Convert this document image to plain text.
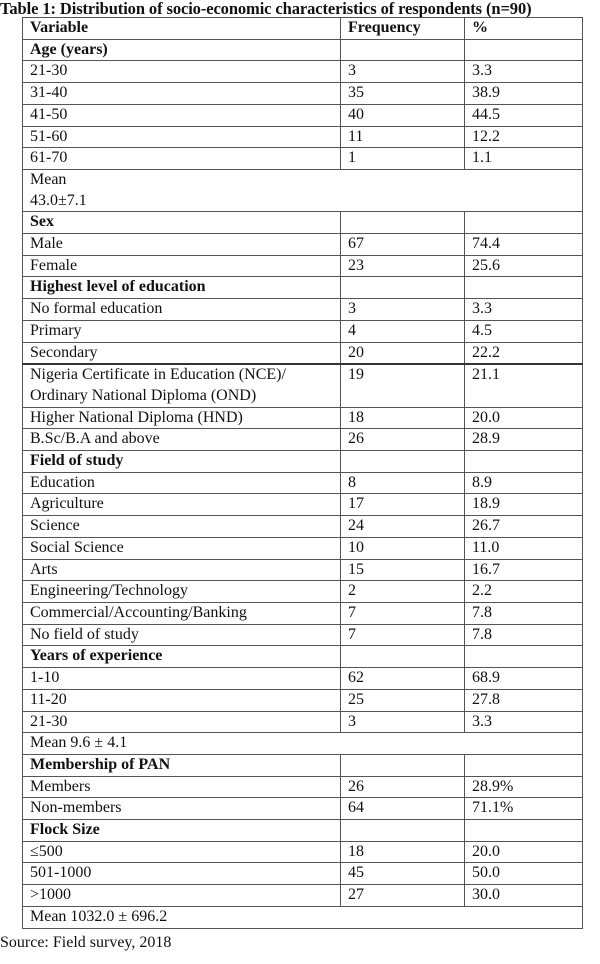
Table 1: Distribution of socio-economic characteristics of respondents (n=90)
Variable	Frequency	%
Age (years)		
21-30	3	3.3
31-40	35	38.9
41-50	40	44.5
51-60	11	12.2
61-70	1	1.1

Mean
43.0±7.1		

Sex		
Male	67	74.4
Female	23	25.6
Highest level of education		
No formal education	3	3.3
Primary	4	4.5
Secondary	20	22.2

Nigeria Certificate in Education (NCE)/
Ordinary National Diploma (OND)	19	21.1
Higher National Diploma (HND)	18	20.0
B.Sc/B.A and above	26	28.9
Field of study		
Education	8	8.9
Agriculture	17	18.9
Science	24	26.7
Social Science	10	11.0
Arts	15	16.7
Engineering/Technology	2	2.2
Commercial/Accounting/Banking	7	7.8
No field of study	7	7.8
Years of experience		
1-10	62	68.9
11-20	25	27.8
21-30	3	3.3
Mean 9.6 ± 4.1		
Membership of PAN		
Members	26	28.9%
Non-members	64	71.1%
Flock Size		
≤500	18	20.0
501-1000	45	50.0
>1000	27	30.0
Mean 1032.0 ± 696.2		
Source: Field survey, 2018
